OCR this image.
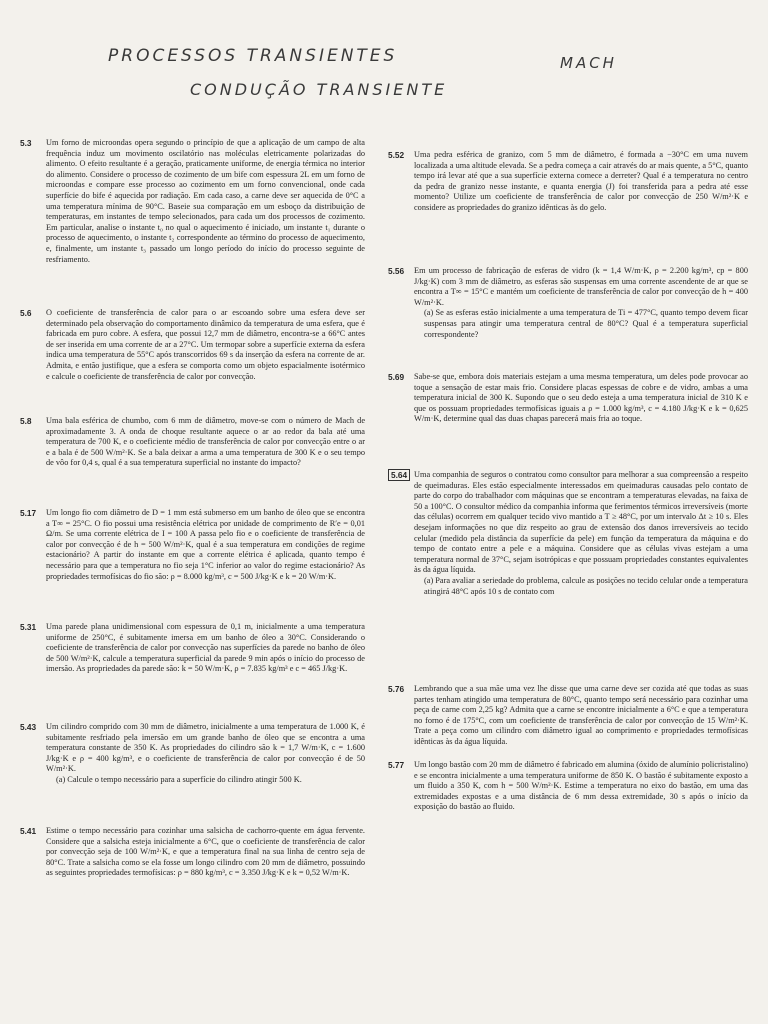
PROCESSOS TRANSIENTES	MACH
CONDUÇÃO TRANSIENTE
5.3	Um forno de microondas opera segundo o princípio de que a aplicação de um campo de alta frequência induz um movimento oscilatório nas moléculas eletricamente polarizadas do alimento. O efeito resultante é a geração, praticamente uniforme, de energia térmica no interior do alimento. Considere o processo de cozimento de um bife com espessura 2L em um forno de microondas e compare esse processo ao cozimento em um forno convencional, onde cada superfície do bife é aquecida por radiação. Em cada caso, a carne deve ser aquecida de 0°C a uma temperatura mínima de 90°C. Baseie sua comparação em um esboço da distribuição de temperaturas, em instantes de tempo selecionados, para cada um dos processos de cozimento. Em particular, analise o instante t₀ no qual o aquecimento é iniciado, um instante t₁ durante o processo de aquecimento, o instante t₂ correspondente ao término do processo de aquecimento, e, finalmente, um instante t₃ passado um longo período do início do processo seguinte de resfriamento.
5.6	O coeficiente de transferência de calor para o ar escoando sobre uma esfera deve ser determinado pela observação do comportamento dinâmico da temperatura de uma esfera, que é fabricada em puro cobre. A esfera, que possui 12,7 mm de diâmetro, encontra-se a 66°C antes de ser inserida em uma corrente de ar a 27°C. Um termopar sobre a superfície externa da esfera indica uma temperatura de 55°C após transcorridos 69 s da inserção da esfera na corrente de ar. Admita, e então justifique, que a esfera se comporta como um objeto espacialmente isotérmico e calcule o coeficiente de transferência de calor por convecção.
5.8	Uma bala esférica de chumbo, com 6 mm de diâmetro, move-se com o número de Mach de aproximadamente 3. A onda de choque resultante aquece o ar ao redor da bala até uma temperatura de 700 K, e o coeficiente médio de transferência de calor por convecção entre o ar e a bala é de 500 W/m²·K. Se a bala deixar a arma a uma temperatura de 300 K e o seu tempo de vôo for 0,4 s, qual é a sua temperatura superficial no instante do impacto?
5.17	Um longo fio com diâmetro de D = 1 mm está submerso em um banho de óleo que se encontra a T∞ = 25°C. O fio possui uma resistência elétrica por unidade de comprimento de R′e = 0,01 Ω/m. Se uma corrente elétrica de I = 100 A passa pelo fio e o coeficiente de transferência de calor por convecção é de h = 500 W/m²·K, qual é a sua temperatura em condições de regime estacionário? A partir do instante em que a corrente elétrica é aplicada, quanto tempo é necessário para que a temperatura no fio seja 1°C inferior ao valor do regime estacionário? As propriedades termofísicas do fio são: ρ = 8.000 kg/m³, c = 500 J/kg·K e k = 20 W/m·K.
5.31	Uma parede plana unidimensional com espessura de 0,1 m, inicialmente a uma temperatura uniforme de 250°C, é subitamente imersa em um banho de óleo a 30°C. Considerando o coeficiente de transferência de calor por convecção nas superfícies da parede no banho de óleo de 500 W/m²·K, calcule a temperatura superficial da parede 9 min após o início do processo de imersão. As propriedades da parede são: k = 50 W/m·K, ρ = 7.835 kg/m³ e c = 465 J/kg·K.
5.43	Um cilindro comprido com 30 mm de diâmetro, inicialmente a uma temperatura de 1.000 K, é subitamente resfriado pela imersão em um grande banho de óleo que se encontra a uma temperatura constante de 350 K. As propriedades do cilindro são k = 1,7 W/m·K, c = 1.600 J/kg·K e ρ = 400 kg/m³, e o coeficiente de transferência de calor por convecção é de 50 W/m²·K.
(a) Calcule o tempo necessário para a superfície do cilindro atingir 500 K.
5.41	Estime o tempo necessário para cozinhar uma salsicha de cachorro-quente em água fervente. Considere que a salsicha esteja inicialmente a 6°C, que o coeficiente de transferência de calor por convecção seja de 100 W/m²·K, e que a temperatura final na sua linha de centro seja de 80°C. Trate a salsicha como se ela fosse um longo cilindro com 20 mm de diâmetro, possuindo as seguintes propriedades termofísicas: ρ = 880 kg/m³, c = 3.350 J/kg·K e k = 0,52 W/m·K.
5.52	Uma pedra esférica de granizo, com 5 mm de diâmetro, é formada a −30°C em uma nuvem localizada a uma altitude elevada. Se a pedra começa a cair através do ar mais quente, a 5°C, quanto tempo irá levar até que a sua superfície externa comece a derreter? Qual é a temperatura no centro da pedra de granizo nesse instante, e quanta energia (J) foi transferida para a pedra até esse momento? Utilize um coeficiente de transferência de calor por convecção de 250 W/m²·K e considere as propriedades do granizo idênticas às do gelo.
5.56	Em um processo de fabricação de esferas de vidro (k = 1,4 W/m·K, ρ = 2.200 kg/m³, cp = 800 J/kg·K) com 3 mm de diâmetro, as esferas são suspensas em uma corrente ascendente de ar que se encontra a T∞ = 15°C e mantém um coeficiente de transferência de calor por convecção de h = 400 W/m²·K.
(a) Se as esferas estão inicialmente a uma temperatura de Ti = 477°C, quanto tempo devem ficar suspensas para atingir uma temperatura central de 80°C? Qual é a temperatura superficial correspondente?
5.69	Sabe-se que, embora dois materiais estejam a uma mesma temperatura, um deles pode provocar ao toque a sensação de estar mais frio. Considere placas espessas de cobre e de vidro, ambas a uma temperatura inicial de 300 K. Supondo que o seu dedo esteja a uma temperatura inicial de 310 K e que os possuam propriedades termofísicas iguais a ρ = 1.000 kg/m³, c = 4.180 J/kg·K e k = 0,625 W/m·K, determine qual das duas chapas parecerá mais fria ao toque.
5.64 Uma companhia de seguros o contratou como consultor para melhorar a sua compreensão a respeito de queimaduras. Eles estão especialmente interessados em queimaduras causadas pelo contato de parte do corpo do trabalhador com máquinas que se encontram a temperaturas elevadas, na faixa de 50 a 100°C. O consultor médico da companhia informa que ferimentos térmicos irreversíveis (morte das células) ocorrem em qualquer tecido vivo mantido a T ≥ 48°C, por um intervalo Δt ≥ 10 s. Eles desejam informações no que diz respeito ao grau de extensão dos danos irreversíveis ao tecido celular (medido pela distância da superfície da pele) em função da temperatura da máquina e do tempo de contato entre a pele e a máquina. Considere que as células vivas estejam a uma temperatura normal de 37°C, sejam isotrópicas e que possuam propriedades constantes equivalentes às da água líquida.
(a) Para avaliar a seriedade do problema, calcule as posições no tecido celular onde a temperatura atingirá 48°C após 10 s de contato com
5.76	Lembrando que a sua mãe uma vez lhe disse que uma carne deve ser cozida até que todas as suas partes tenham atingido uma temperatura de 80°C, quanto tempo será necessário para cozinhar uma peça de carne com 2,25 kg? Admita que a carne se encontre inicialmente a 6°C e que a temperatura no forno é de 175°C, com um coeficiente de transferência de calor por convecção de 15 W/m²·K. Trate a peça como um cilindro com diâmetro igual ao comprimento e propriedades termofísicas idênticas às da água líquida.
5.77	Um longo bastão com 20 mm de diâmetro é fabricado em alumina (óxido de alumínio policristalino) e se encontra inicialmente a uma temperatura uniforme de 850 K. O bastão é subitamente exposto a um fluido a 350 K, com h = 500 W/m²·K. Estime a temperatura no eixo do bastão, em uma das extremidades expostas e a uma distância de 6 mm dessa extremidade, 30 s após o início da exposição do bastão ao fluido.
